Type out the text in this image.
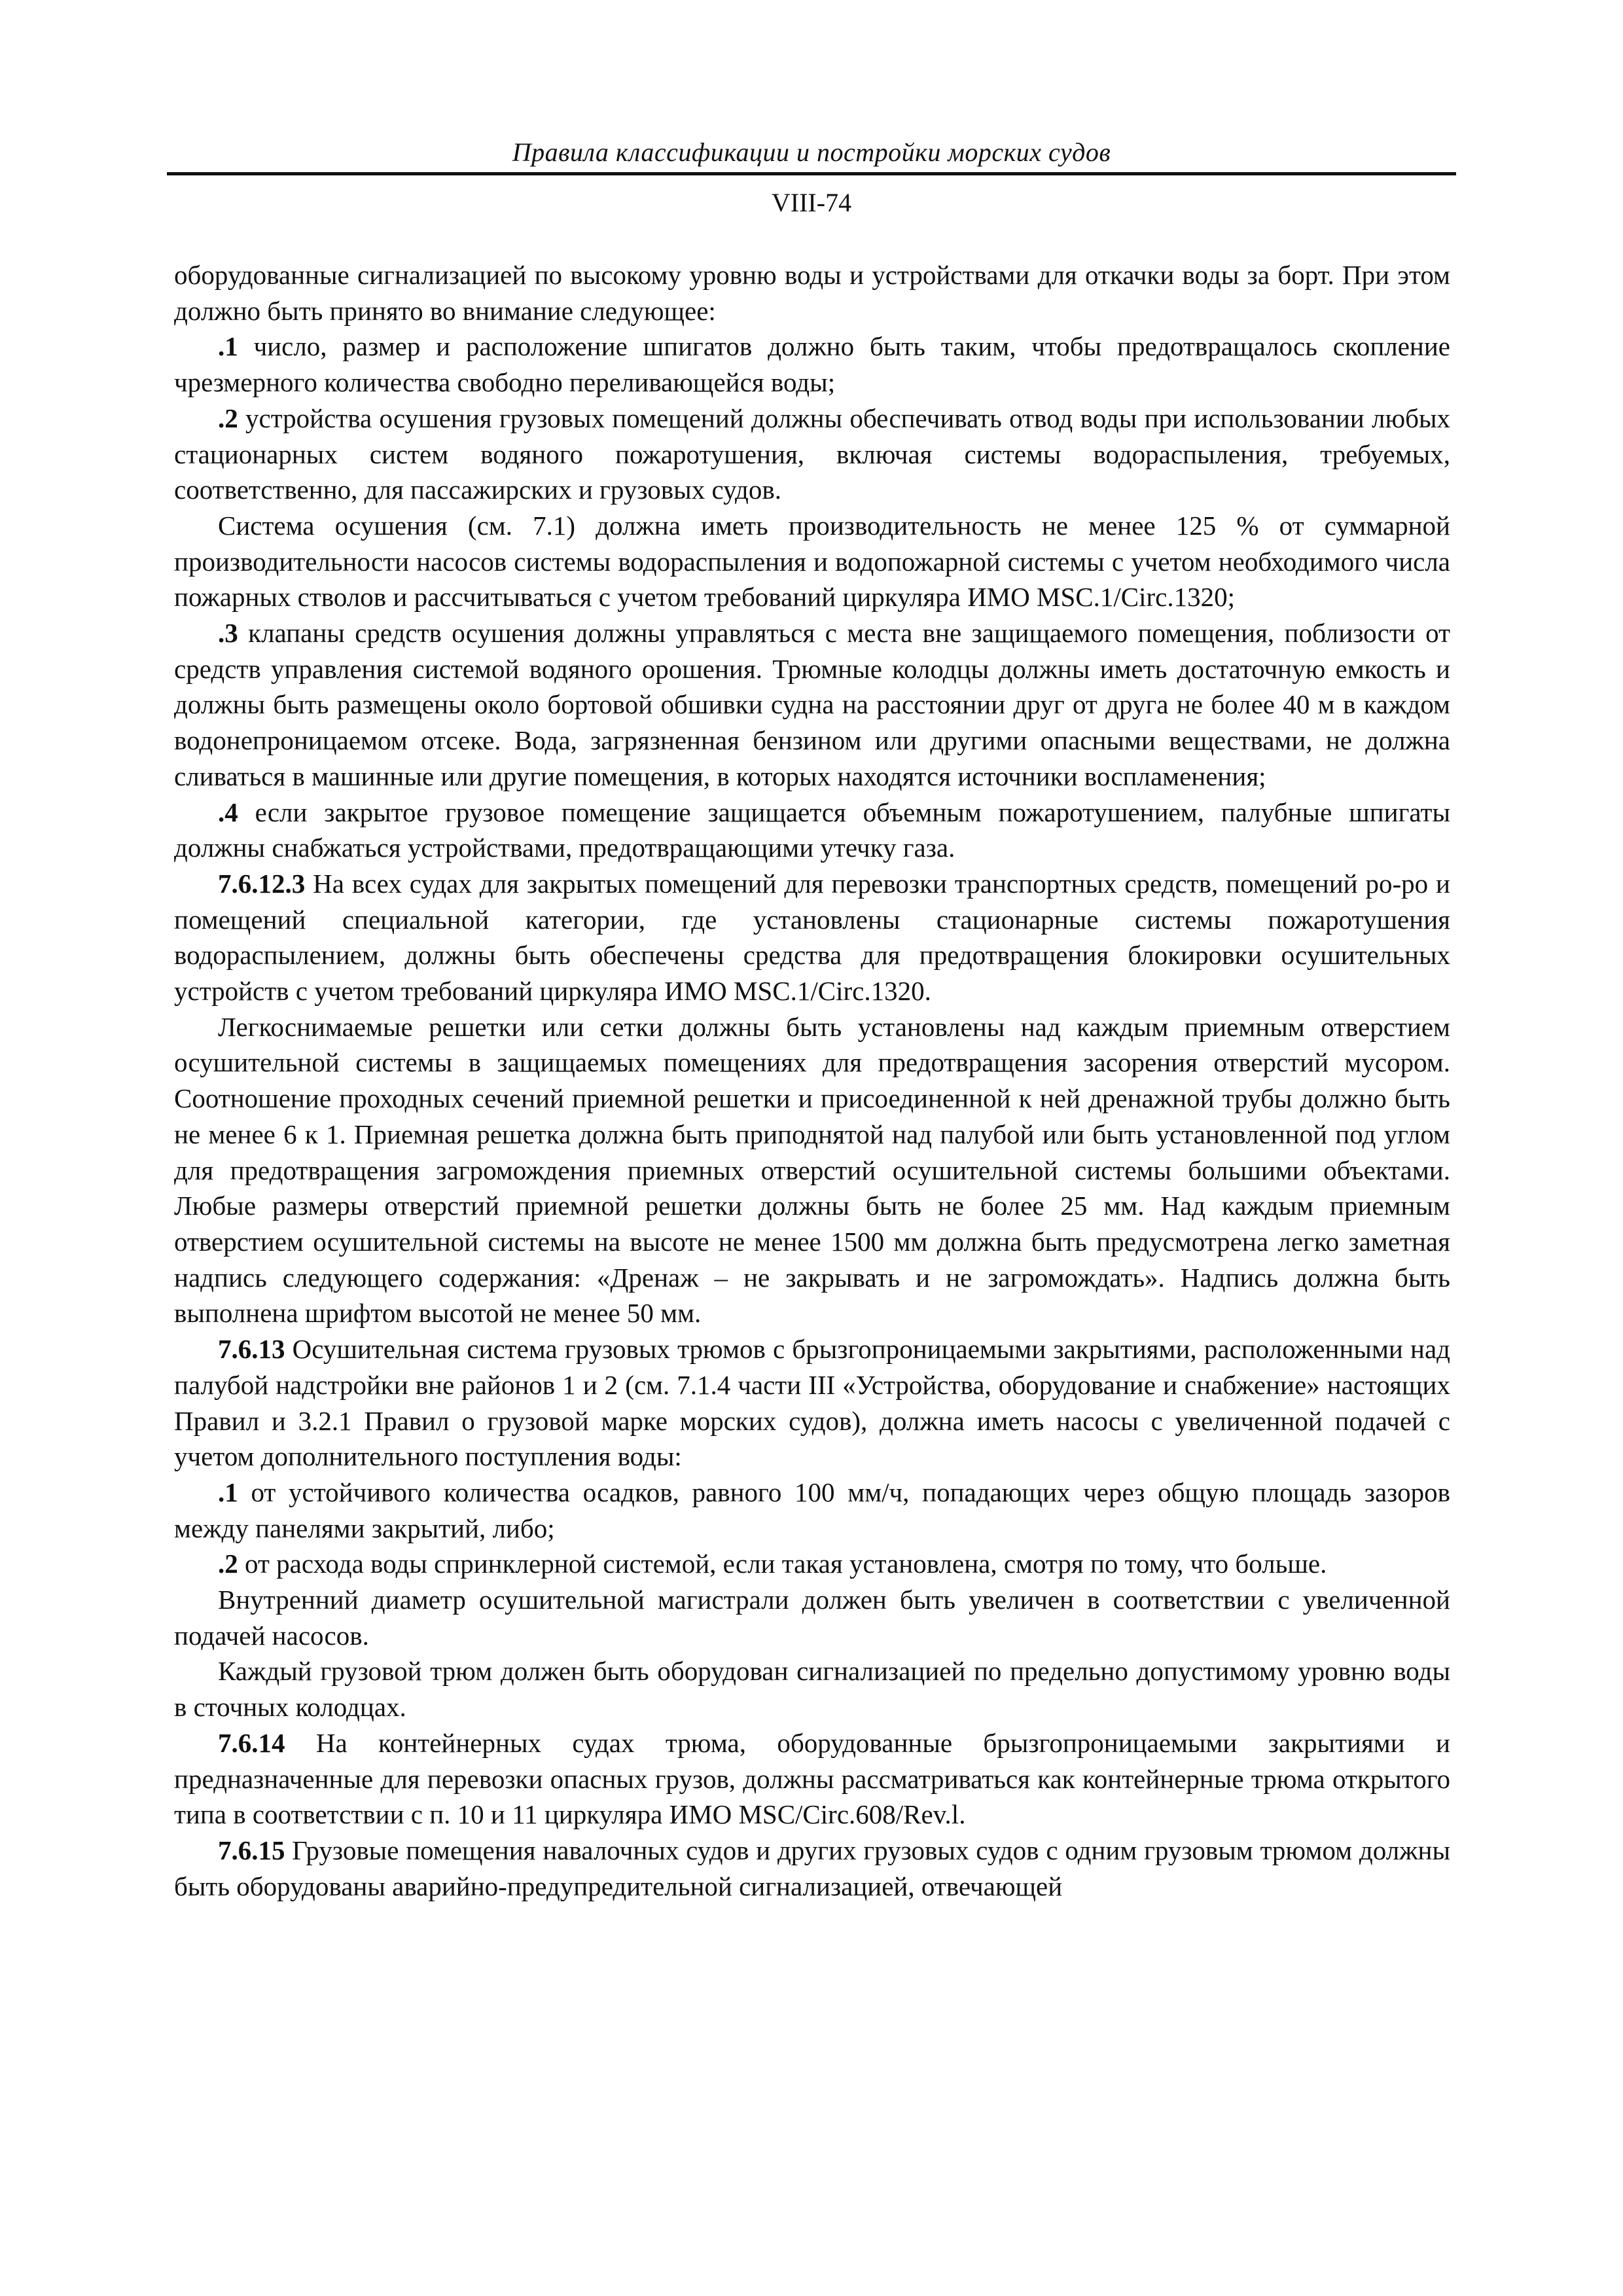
Правила классификации и постройки морских судов
VIII-74

оборудованные сигнализацией по высокому уровню воды и устройствами для откачки воды за борт. При этом должно быть принято во внимание следующее:

.1 число, размер и расположение шпигатов должно быть таким, чтобы предотвращалось скопление чрезмерного количества свободно переливающейся воды;

.2 устройства осушения грузовых помещений должны обеспечивать отвод воды при использовании любых стационарных систем водяного пожаротушения, включая системы водораспыления, требуемых, соответственно, для пассажирских и грузовых судов.

Система осушения (см. 7.1) должна иметь производительность не менее 125 % от суммарной производительности насосов системы водораспыления и водопожарной системы с учетом необходимого числа пожарных стволов и рассчитываться с учетом требований циркуляра ИМО MSC.1/Circ.1320;

.3 клапаны средств осушения должны управляться с места вне защищаемого помещения, поблизости от средств управления системой водяного орошения. Трюмные колодцы должны иметь достаточную емкость и должны быть размещены около бортовой обшивки судна на расстоянии друг от друга не более 40 м в каждом водонепроницаемом отсеке. Вода, загрязненная бензином или другими опасными веществами, не должна сливаться в машинные или другие помещения, в которых находятся источники воспламенения;

.4 если закрытое грузовое помещение защищается объемным пожаротушением, палубные шпигаты должны снабжаться устройствами, предотвращающими утечку газа.

7.6.12.3 На всех судах для закрытых помещений для перевозки транспортных средств, помещений ро-ро и помещений специальной категории, где установлены стационарные системы пожаротушения водораспылением, должны быть обеспечены средства для предотвращения блокировки осушительных устройств с учетом требований циркуляра ИМО MSC.1/Circ.1320.

Легкоснимаемые решетки или сетки должны быть установлены над каждым приемным отверстием осушительной системы в защищаемых помещениях для предотвращения засорения отверстий мусором. Соотношение проходных сечений приемной решетки и присоединенной к ней дренажной трубы должно быть не менее 6 к 1. Приемная решетка должна быть приподнятой над палубой или быть установленной под углом для предотвращения загромождения приемных отверстий осушительной системы большими объектами. Любые размеры отверстий приемной решетки должны быть не более 25 мм. Над каждым приемным отверстием осушительной системы на высоте не менее 1500 мм должна быть предусмотрена легко заметная надпись следующего содержания: «Дренаж – не закрывать и не загромождать». Надпись должна быть выполнена шрифтом высотой не менее 50 мм.

7.6.13 Осушительная система грузовых трюмов с брызгопроницаемыми закрытиями, расположенными над палубой надстройки вне районов 1 и 2 (см. 7.1.4 части III «Устройства, оборудование и снабжение» настоящих Правил и 3.2.1 Правил о грузовой марке морских судов), должна иметь насосы с увеличенной подачей с учетом дополнительного поступления воды:

.1 от устойчивого количества осадков, равного 100 мм/ч, попадающих через общую площадь зазоров между панелями закрытий, либо;

.2 от расхода воды спринклерной системой, если такая установлена, смотря по тому, что больше.

Внутренний диаметр осушительной магистрали должен быть увеличен в соответствии с увеличенной подачей насосов.

Каждый грузовой трюм должен быть оборудован сигнализацией по предельно допустимому уровню воды в сточных колодцах.

7.6.14 На контейнерных судах трюма, оборудованные брызгопроницаемыми закрытиями и предназначенные для перевозки опасных грузов, должны рассматриваться как контейнерные трюма открытого типа в соответствии с п. 10 и 11 циркуляра ИМО MSC/Circ.608/Rev.l.

7.6.15 Грузовые помещения навалочных судов и других грузовых судов с одним грузовым трюмом должны быть оборудованы аварийно-предупредительной сигнализацией, отвечающей
